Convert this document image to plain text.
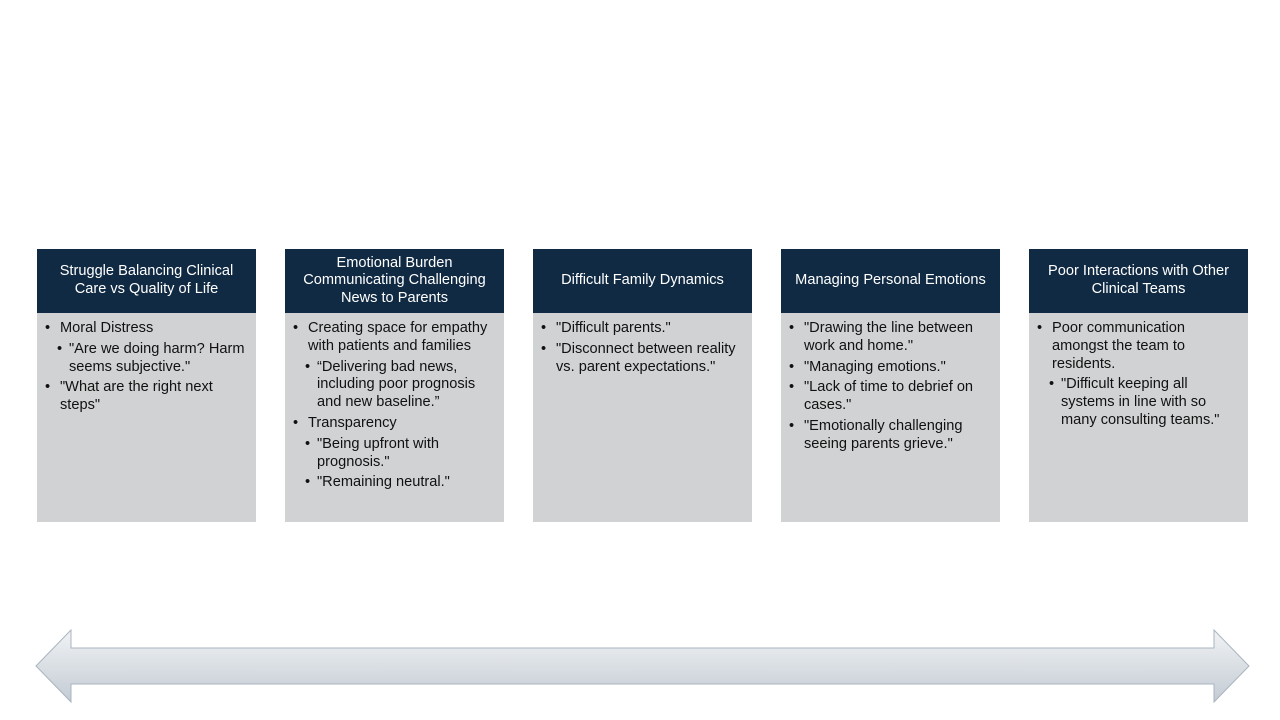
Struggle Balancing Clinical Care vs Quality of Life
• Moral Distress
• "Are we doing harm? Harm seems subjective."
• "What are the right next steps"
Emotional Burden Communicating Challenging News to Parents
• Creating space for empathy with patients and families
• “Delivering bad news, including poor prognosis and new baseline.”
• Transparency
• "Being upfront with prognosis."
• "Remaining neutral."
Difficult Family Dynamics
• "Difficult parents."
• "Disconnect between reality vs. parent expectations."
Managing Personal Emotions
• "Drawing the line between work and home."
• "Managing emotions."
• "Lack of time to debrief on cases."
• "Emotionally challenging seeing parents grieve."
Poor Interactions with Other Clinical Teams
• Poor communication amongst the team to residents.
• "Difficult keeping all systems in line with so many consulting teams."
